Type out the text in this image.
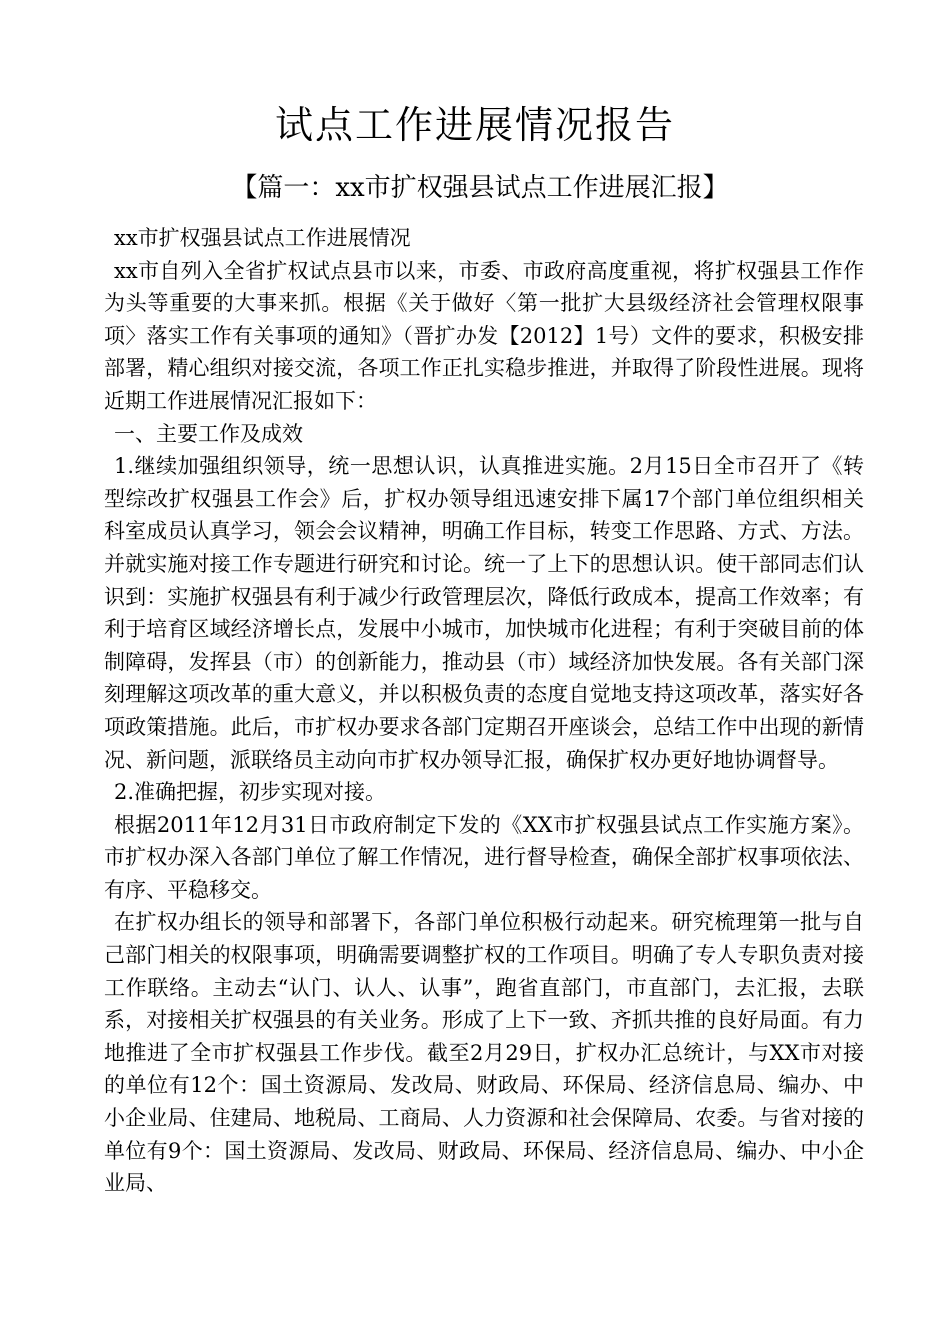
试点工作进展情况报告
【篇一：xx市扩权强县试点工作进展汇报】

xx市扩权强县试点工作进展情况

xx市自列入全省扩权试点县市以来，市委、市政府高度重视，将扩权强县工作作为头等重要的大事来抓。根据《关于做好〈第一批扩大县级经济社会管理权限事项〉落实工作有关事项的通知》（晋扩办发【2012】1号）文件的要求，积极安排部署，精心组织对接交流，各项工作正扎实稳步推进，并取得了阶段性进展。现将近期工作进展情况汇报如下：

一、主要工作及成效

1.继续加强组织领导，统一思想认识，认真推进实施。2月15日全市召开了《转型综改扩权强县工作会》后，扩权办领导组迅速安排下属17个部门单位组织相关科室成员认真学习，领会会议精神，明确工作目标，转变工作思路、方式、方法。并就实施对接工作专题进行研究和讨论。统一了上下的思想认识。使干部同志们认识到：实施扩权强县有利于减少行政管理层次，降低行政成本，提高工作效率；有利于培育区域经济增长点，发展中小城市，加快城市化进程；有利于突破目前的体制障碍，发挥县（市）的创新能力，推动县（市）域经济加快发展。各有关部门深刻理解这项改革的重大意义，并以积极负责的态度自觉地支持这项改革，落实好各项政策措施。此后，市扩权办要求各部门定期召开座谈会，总结工作中出现的新情况、新问题，派联络员主动向市扩权办领导汇报，确保扩权办更好地协调督导。

2.准确把握，初步实现对接。

根据2011年12月31日市政府制定下发的《XX市扩权强县试点工作实施方案》。市扩权办深入各部门单位了解工作情况，进行督导检查，确保全部扩权事项依法、有序、平稳移交。

在扩权办组长的领导和部署下，各部门单位积极行动起来。研究梳理第一批与自己部门相关的权限事项，明确需要调整扩权的工作项目。明确了专人专职负责对接工作联络。主动去“认门、认人、认事”，跑省直部门，市直部门，去汇报，去联系，对接相关扩权强县的有关业务。形成了上下一致、齐抓共推的良好局面。有力地推进了全市扩权强县工作步伐。截至2月29日，扩权办汇总统计，与XX市对接的单位有12个：国土资源局、发改局、财政局、环保局、经济信息局、编办、中小企业局、住建局、地税局、工商局、人力资源和社会保障局、农委。与省对接的单位有9个：国土资源局、发改局、财政局、环保局、经济信息局、编办、中小企业局、
